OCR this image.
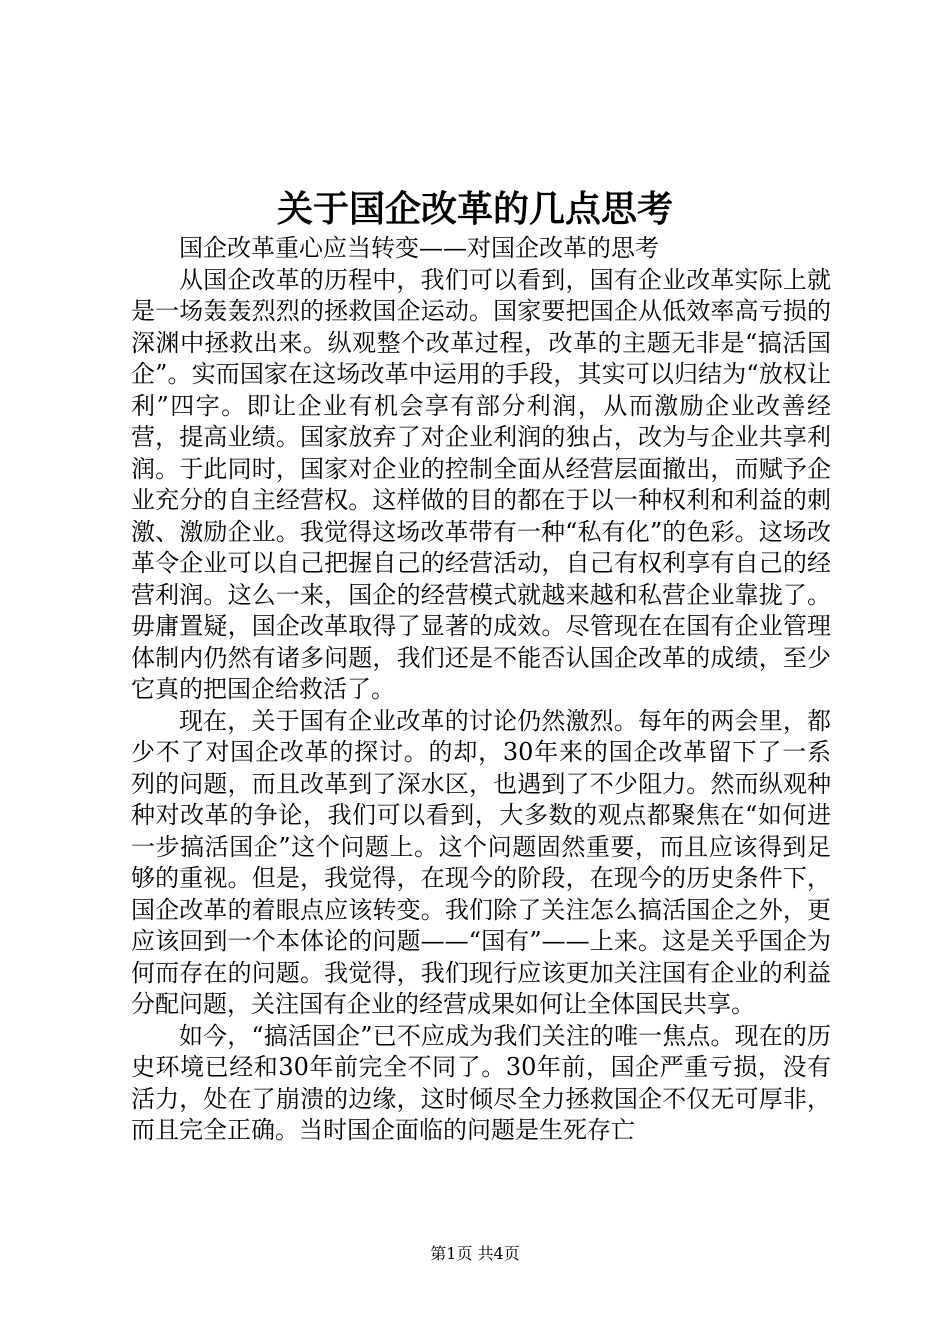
关于国企改革的几点思考

国企改革重心应当转变——对国企改革的思考

从国企改革的历程中，我们可以看到，国有企业改革实际上就是一场轰轰烈烈的拯救国企运动。国家要把国企从低效率高亏损的深渊中拯救出来。纵观整个改革过程，改革的主题无非是“搞活国企”。实而国家在这场改革中运用的手段，其实可以归结为“放权让利”四字。即让企业有机会享有部分利润，从而激励企业改善经营，提高业绩。国家放弃了对企业利润的独占，改为与企业共享利润。于此同时，国家对企业的控制全面从经营层面撤出，而赋予企业充分的自主经营权。这样做的目的都在于以一种权利和利益的刺激、激励企业。我觉得这场改革带有一种“私有化”的色彩。这场改革令企业可以自己把握自己的经营活动，自己有权利享有自己的经营利润。这么一来，国企的经营模式就越来越和私营企业靠拢了。毋庸置疑，国企改革取得了显著的成效。尽管现在在国有企业管理体制内仍然有诸多问题，我们还是不能否认国企改革的成绩，至少它真的把国企给救活了。

现在，关于国有企业改革的讨论仍然激烈。每年的两会里，都少不了对国企改革的探讨。的却，30年来的国企改革留下了一系列的问题，而且改革到了深水区，也遇到了不少阻力。然而纵观种种对改革的争论，我们可以看到，大多数的观点都聚焦在“如何进一步搞活国企”这个问题上。这个问题固然重要，而且应该得到足够的重视。但是，我觉得，在现今的阶段，在现今的历史条件下，国企改革的着眼点应该转变。我们除了关注怎么搞活国企之外，更应该回到一个本体论的问题——“国有”——上来。这是关乎国企为何而存在的问题。我觉得，我们现行应该更加关注国有企业的利益分配问题，关注国有企业的经营成果如何让全体国民共享。

如今，“搞活国企”已不应成为我们关注的唯一焦点。现在的历史环境已经和30年前完全不同了。30年前，国企严重亏损，没有活力，处在了崩溃的边缘，这时倾尽全力拯救国企不仅无可厚非，而且完全正确。当时国企面临的问题是生死存亡

第1页 共4页
